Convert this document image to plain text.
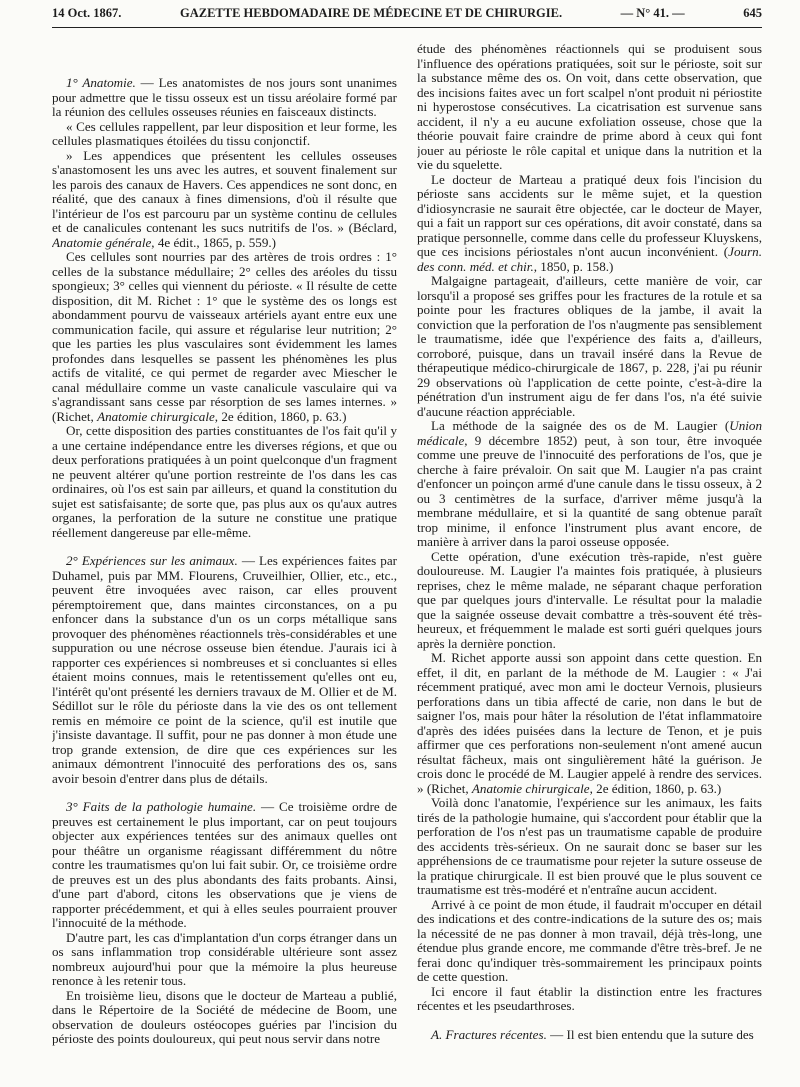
14 Oct. 1867.	GAZETTE HEBDOMADAIRE DE MÉDECINE ET DE CHIRURGIE.	— N° 41. —	645

1° Anatomie. — Les anatomistes de nos jours sont unanimes pour admettre que le tissu osseux est un tissu aréolaire formé par la réunion des cellules osseuses réunies en faisceaux distincts.

« Ces cellules rappellent, par leur disposition et leur forme, les cellules plasmatiques étoilées du tissu conjonctif.

» Les appendices que présentent les cellules osseuses s'anastomosent les uns avec les autres, et souvent finalement sur les parois des canaux de Havers. Ces appendices ne sont donc, en réalité, que des canaux à fines dimensions, d'où il résulte que l'intérieur de l'os est parcouru par un système continu de cellules et de canalicules contenant les sucs nutritifs de l'os. » (Béclard, Anatomie générale, 4e édit., 1865, p. 559.)

Ces cellules sont nourries par des artères de trois ordres : 1° celles de la substance médullaire; 2° celles des aréoles du tissu spongieux; 3° celles qui viennent du périoste. « Il résulte de cette disposition, dit M. Richet : 1° que le système des os longs est abondamment pourvu de vaisseaux artériels ayant entre eux une communication facile, qui assure et régularise leur nutrition; 2° que les parties les plus vasculaires sont évidemment les lames profondes dans lesquelles se passent les phénomènes les plus actifs de vitalité, ce qui permet de regarder avec Miescher le canal médullaire comme un vaste canalicule vasculaire qui va s'agrandissant sans cesse par résorption de ses lames internes. » (Richet, Anatomie chirurgicale, 2e édition, 1860, p. 63.)

Or, cette disposition des parties constituantes de l'os fait qu'il y a une certaine indépendance entre les diverses régions, et que ou deux perforations pratiquées à un point quelconque d'un fragment ne peuvent altérer qu'une portion restreinte de l'os dans les cas ordinaires, où l'os est sain par ailleurs, et quand la constitution du sujet est satisfaisante; de sorte que, pas plus aux os qu'aux autres organes, la perforation de la suture ne constitue une pratique réellement dangereuse par elle-même.

2° Expériences sur les animaux. — Les expériences faites par Duhamel, puis par MM. Flourens, Cruveilhier, Ollier, etc., etc., peuvent être invoquées avec raison, car elles prouvent péremptoirement que, dans maintes circonstances, on a pu enfoncer dans la substance d'un os un corps métallique sans provoquer des phénomènes réactionnels très-considérables et une suppuration ou une nécrose osseuse bien étendue. J'aurais ici à rapporter ces expériences si nombreuses et si concluantes si elles étaient moins connues, mais le retentissement qu'elles ont eu, l'intérêt qu'ont présenté les derniers travaux de M. Ollier et de M. Sédillot sur le rôle du périoste dans la vie des os ont tellement remis en mémoire ce point de la science, qu'il est inutile que j'insiste davantage. Il suffit, pour ne pas donner à mon étude une trop grande extension, de dire que ces expériences sur les animaux démontrent l'innocuité des perforations des os, sans avoir besoin d'entrer dans plus de détails.

3° Faits de la pathologie humaine. — Ce troisième ordre de preuves est certainement le plus important, car on peut toujours objecter aux expériences tentées sur des animaux quelles ont pour théâtre un organisme réagissant différemment du nôtre contre les traumatismes qu'on lui fait subir. Or, ce troisième ordre de preuves est un des plus abondants des faits probants. Ainsi, d'une part d'abord, citons les observations que je viens de rapporter précédemment, et qui à elles seules pourraient prouver l'innocuité de la méthode.

D'autre part, les cas d'implantation d'un corps étranger dans un os sans inflammation trop considérable ultérieure sont assez nombreux aujourd'hui pour que la mémoire la plus heureuse renonce à les retenir tous.

En troisième lieu, disons que le docteur de Marteau a publié, dans le Répertoire de la Société de médecine de Boom, une observation de douleurs ostéocopes guéries par l'incision du périoste des points douloureux, qui peut nous servir dans notre

étude des phénomènes réactionnels qui se produisent sous l'influence des opérations pratiquées, soit sur le périoste, soit sur la substance même des os. On voit, dans cette observation, que des incisions faites avec un fort scalpel n'ont produit ni périostite ni hyperostose consécutives. La cicatrisation est survenue sans accident, il n'y a eu aucune exfoliation osseuse, chose que la théorie pouvait faire craindre de prime abord à ceux qui font jouer au périoste le rôle capital et unique dans la nutrition et la vie du squelette.

Le docteur de Marteau a pratiqué deux fois l'incision du périoste sans accidents sur le même sujet, et la question d'idiosyncrasie ne saurait être objectée, car le docteur de Mayer, qui a fait un rapport sur ces opérations, dit avoir constaté, dans sa pratique personnelle, comme dans celle du professeur Kluyskens, que ces incisions périostales n'ont aucun inconvénient. (Journ. des conn. méd. et chir., 1850, p. 158.)

Malgaigne partageait, d'ailleurs, cette manière de voir, car lorsqu'il a proposé ses griffes pour les fractures de la rotule et sa pointe pour les fractures obliques de la jambe, il avait la conviction que la perforation de l'os n'augmente pas sensiblement le traumatisme, idée que l'expérience des faits a, d'ailleurs, corroboré, puisque, dans un travail inséré dans la Revue de thérapeutique médico-chirurgicale de 1867, p. 228, j'ai pu réunir 29 observations où l'application de cette pointe, c'est-à-dire la pénétration d'un instrument aigu de fer dans l'os, n'a été suivie d'aucune réaction appréciable.

La méthode de la saignée des os de M. Laugier (Union médicale, 9 décembre 1852) peut, à son tour, être invoquée comme une preuve de l'innocuité des perforations de l'os, que je cherche à faire prévaloir. On sait que M. Laugier n'a pas craint d'enfoncer un poinçon armé d'une canule dans le tissu osseux, à 2 ou 3 centimètres de la surface, d'arriver même jusqu'à la membrane médullaire, et si la quantité de sang obtenue paraît trop minime, il enfonce l'instrument plus avant encore, de manière à arriver dans la paroi osseuse opposée.

Cette opération, d'une exécution très-rapide, n'est guère douloureuse. M. Laugier l'a maintes fois pratiquée, à plusieurs reprises, chez le même malade, ne séparant chaque perforation que par quelques jours d'intervalle. Le résultat pour la maladie que la saignée osseuse devait combattre a très-souvent été très-heureux, et fréquemment le malade est sorti guéri quelques jours après la dernière ponction.

M. Richet apporte aussi son appoint dans cette question. En effet, il dit, en parlant de la méthode de M. Laugier : « J'ai récemment pratiqué, avec mon ami le docteur Vernois, plusieurs perforations dans un tibia affecté de carie, non dans le but de saigner l'os, mais pour hâter la résolution de l'état inflammatoire d'après des idées puisées dans la lecture de Tenon, et je puis affirmer que ces perforations non-seulement n'ont amené aucun résultat fâcheux, mais ont singulièrement hâté la guérison. Je crois donc le procédé de M. Laugier appelé à rendre des services. » (Richet, Anatomie chirurgicale, 2e édition, 1860, p. 63.)

Voilà donc l'anatomie, l'expérience sur les animaux, les faits tirés de la pathologie humaine, qui s'accordent pour établir que la perforation de l'os n'est pas un traumatisme capable de produire des accidents très-sérieux. On ne saurait donc se baser sur les appréhensions de ce traumatisme pour rejeter la suture osseuse de la pratique chirurgicale. Il est bien prouvé que le plus souvent ce traumatisme est très-modéré et n'entraîne aucun accident.

Arrivé à ce point de mon étude, il faudrait m'occuper en détail des indications et des contre-indications de la suture des os; mais la nécessité de ne pas donner à mon travail, déjà très-long, une étendue plus grande encore, me commande d'être très-bref. Je ne ferai donc qu'indiquer très-sommairement les principaux points de cette question.

Ici encore il faut établir la distinction entre les fractures récentes et les pseudarthroses.

A. Fractures récentes. — Il est bien entendu que la suture des
